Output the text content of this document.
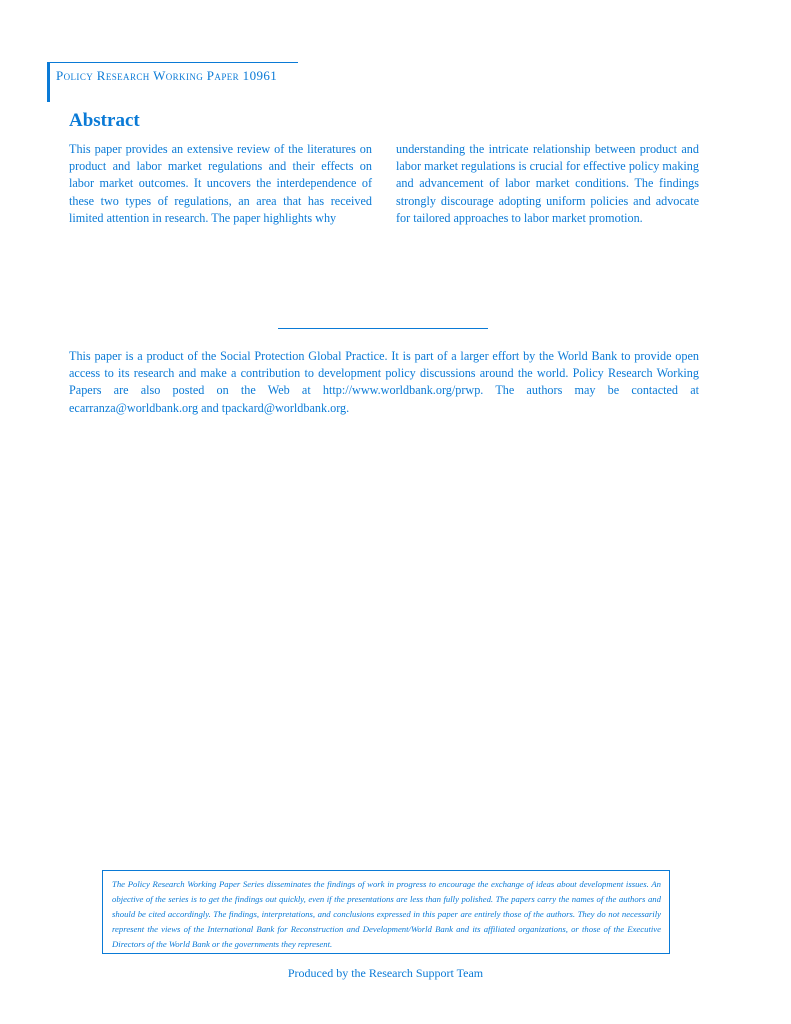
Policy Research Working Paper 10961
Abstract

This paper provides an extensive review of the literatures on product and labor market regulations and their effects on labor market outcomes. It uncovers the interdependence of these two types of regulations, an area that has received limited attention in research. The paper highlights why

understanding the intricate relationship between product and labor market regulations is crucial for effective policy making and advancement of labor market conditions. The findings strongly discourage adopting uniform policies and advocate for tailored approaches to labor market promotion.

This paper is a product of the Social Protection Global Practice. It is part of a larger effort by the World Bank to provide open access to its research and make a contribution to development policy discussions around the world. Policy Research Working Papers are also posted on the Web at http://www.worldbank.org/prwp. The authors may be contacted at ecarranza@worldbank.org and tpackard@worldbank.org.

The Policy Research Working Paper Series disseminates the findings of work in progress to encourage the exchange of ideas about development issues. An objective of the series is to get the findings out quickly, even if the presentations are less than fully polished. The papers carry the names of the authors and should be cited accordingly. The findings, interpretations, and conclusions expressed in this paper are entirely those of the authors. They do not necessarily represent the views of the International Bank for Reconstruction and Development/World Bank and its affiliated organizations, or those of the Executive Directors of the World Bank or the governments they represent.

Produced by the Research Support Team
